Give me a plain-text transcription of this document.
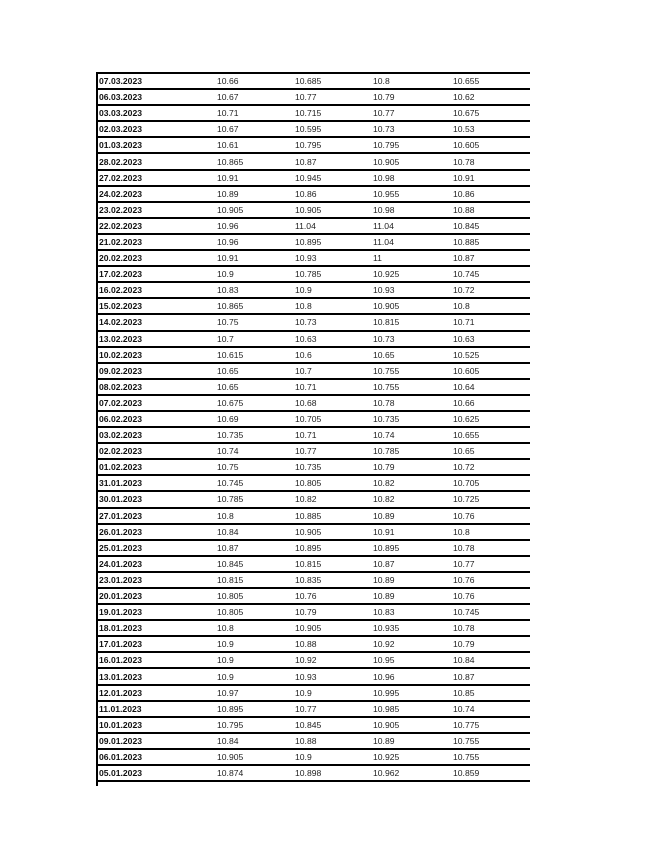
07.03.2023	10.66	10.685	10.8	10.655
06.03.2023	10.67	10.77	10.79	10.62
03.03.2023	10.71	10.715	10.77	10.675
02.03.2023	10.67	10.595	10.73	10.53
01.03.2023	10.61	10.795	10.795	10.605
28.02.2023	10.865	10.87	10.905	10.78
27.02.2023	10.91	10.945	10.98	10.91
24.02.2023	10.89	10.86	10.955	10.86
23.02.2023	10.905	10.905	10.98	10.88
22.02.2023	10.96	11.04	11.04	10.845
21.02.2023	10.96	10.895	11.04	10.885
20.02.2023	10.91	10.93	11	10.87
17.02.2023	10.9	10.785	10.925	10.745
16.02.2023	10.83	10.9	10.93	10.72
15.02.2023	10.865	10.8	10.905	10.8
14.02.2023	10.75	10.73	10.815	10.71
13.02.2023	10.7	10.63	10.73	10.63
10.02.2023	10.615	10.6	10.65	10.525
09.02.2023	10.65	10.7	10.755	10.605
08.02.2023	10.65	10.71	10.755	10.64
07.02.2023	10.675	10.68	10.78	10.66
06.02.2023	10.69	10.705	10.735	10.625
03.02.2023	10.735	10.71	10.74	10.655
02.02.2023	10.74	10.77	10.785	10.65
01.02.2023	10.75	10.735	10.79	10.72
31.01.2023	10.745	10.805	10.82	10.705
30.01.2023	10.785	10.82	10.82	10.725
27.01.2023	10.8	10.885	10.89	10.76
26.01.2023	10.84	10.905	10.91	10.8
25.01.2023	10.87	10.895	10.895	10.78
24.01.2023	10.845	10.815	10.87	10.77
23.01.2023	10.815	10.835	10.89	10.76
20.01.2023	10.805	10.76	10.89	10.76
19.01.2023	10.805	10.79	10.83	10.745
18.01.2023	10.8	10.905	10.935	10.78
17.01.2023	10.9	10.88	10.92	10.79
16.01.2023	10.9	10.92	10.95	10.84
13.01.2023	10.9	10.93	10.96	10.87
12.01.2023	10.97	10.9	10.995	10.85
11.01.2023	10.895	10.77	10.985	10.74
10.01.2023	10.795	10.845	10.905	10.775
09.01.2023	10.84	10.88	10.89	10.755
06.01.2023	10.905	10.9	10.925	10.755
05.01.2023	10.874	10.898	10.962	10.859
